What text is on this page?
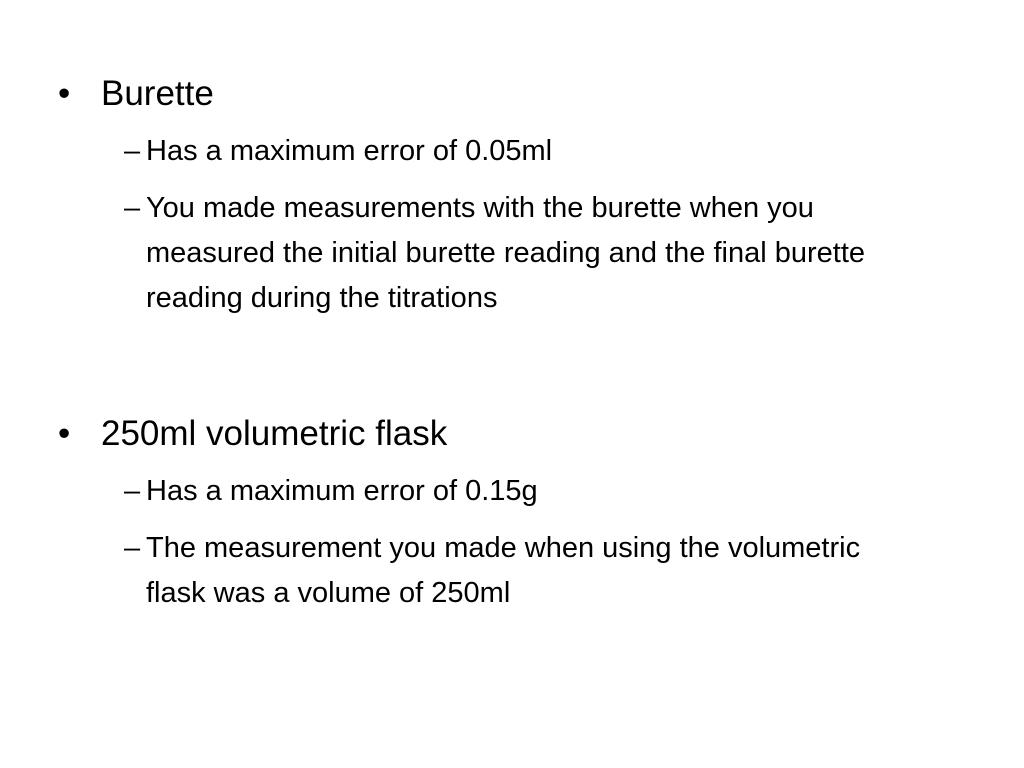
• Burette
– Has a maximum error of 0.05ml
– You made measurements with the burette when you measured the initial burette reading and the final burette reading during the titrations
• 250ml volumetric flask
– Has a maximum error of 0.15g
– The measurement you made when using the volumetric flask was a volume of 250ml
